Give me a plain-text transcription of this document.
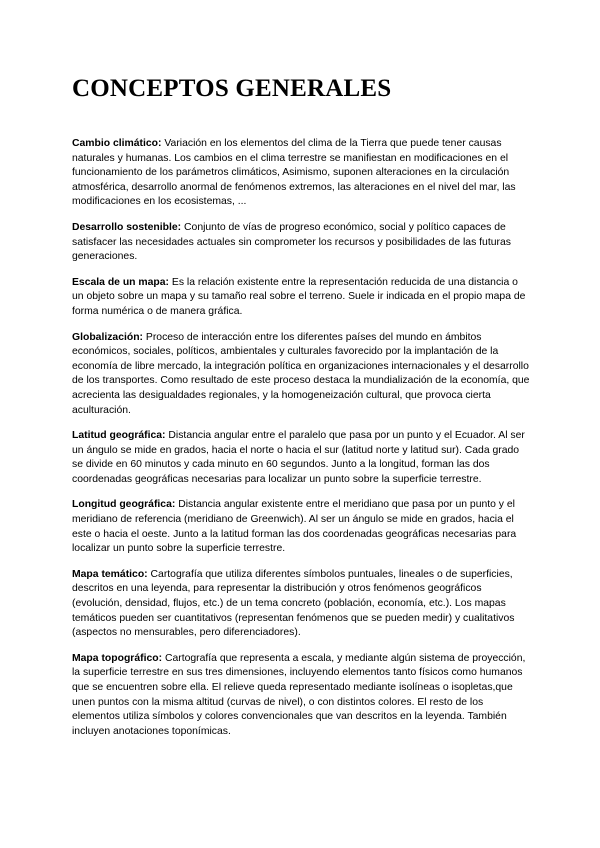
CONCEPTOS GENERALES

Cambio climático: Variación en los elementos del clima de la Tierra que puede tener causas naturales y humanas. Los cambios en el clima terrestre se manifiestan en modificaciones en el funcionamiento de los parámetros climáticos, Asimismo, suponen alteraciones en la circulación atmosférica, desarrollo anormal de fenómenos extremos, las alteraciones en el nivel del mar, las modificaciones en los ecosistemas, ...

Desarrollo sostenible: Conjunto de vías de progreso económico, social y político capaces de satisfacer las necesidades actuales sin comprometer los recursos y posibilidades de las futuras generaciones.

Escala de un mapa: Es la relación existente entre la representación reducida de una distancia o un objeto sobre un mapa y su tamaño real sobre el terreno. Suele ir indicada en el propio mapa de forma numérica o de manera gráfica.

Globalización: Proceso de interacción entre los diferentes países del mundo en ámbitos económicos, sociales, políticos, ambientales y culturales favorecido por la implantación de la economía de libre mercado, la integración política en organizaciones internacionales y el desarrollo de los transportes. Como resultado de este proceso destaca la mundialización de la economía, que acrecienta las desigualdades regionales, y la homogeneización cultural, que provoca cierta aculturación.

Latitud geográfica: Distancia angular entre el paralelo que pasa por un punto y el Ecuador. Al ser un ángulo se mide en grados, hacia el norte o hacia el sur (latitud norte y latitud sur). Cada grado se divide en 60 minutos y cada minuto en 60 segundos. Junto a la longitud, forman las dos coordenadas geográficas necesarias para localizar un punto sobre la superficie terrestre.

Longitud geográfica: Distancia angular existente entre el meridiano que pasa por un punto y el meridiano de referencia (meridiano de Greenwich). Al ser un ángulo se mide en grados, hacia el este o hacia el oeste. Junto a la latitud forman las dos coordenadas geográficas necesarias para localizar un punto sobre la superficie terrestre.

Mapa temático: Cartografía que utiliza diferentes símbolos puntuales, lineales o de superficies, descritos en una leyenda, para representar la distribución y otros fenómenos geográficos (evolución, densidad, flujos, etc.) de un tema concreto (población, economía, etc.). Los mapas temáticos pueden ser cuantitativos (representan fenómenos que se pueden medir) y cualitativos (aspectos no mensurables, pero diferenciadores).

Mapa topográfico: Cartografía que representa a escala, y mediante algún sistema de proyección, la superficie terrestre en sus tres dimensiones, incluyendo elementos tanto físicos como humanos que se encuentren sobre ella. El relieve queda representado mediante isolíneas o isopletas,que unen puntos con la misma altitud (curvas de nivel), o con distintos colores. El resto de los elementos utiliza símbolos y colores convencionales que van descritos en la leyenda. También incluyen anotaciones toponímicas.
